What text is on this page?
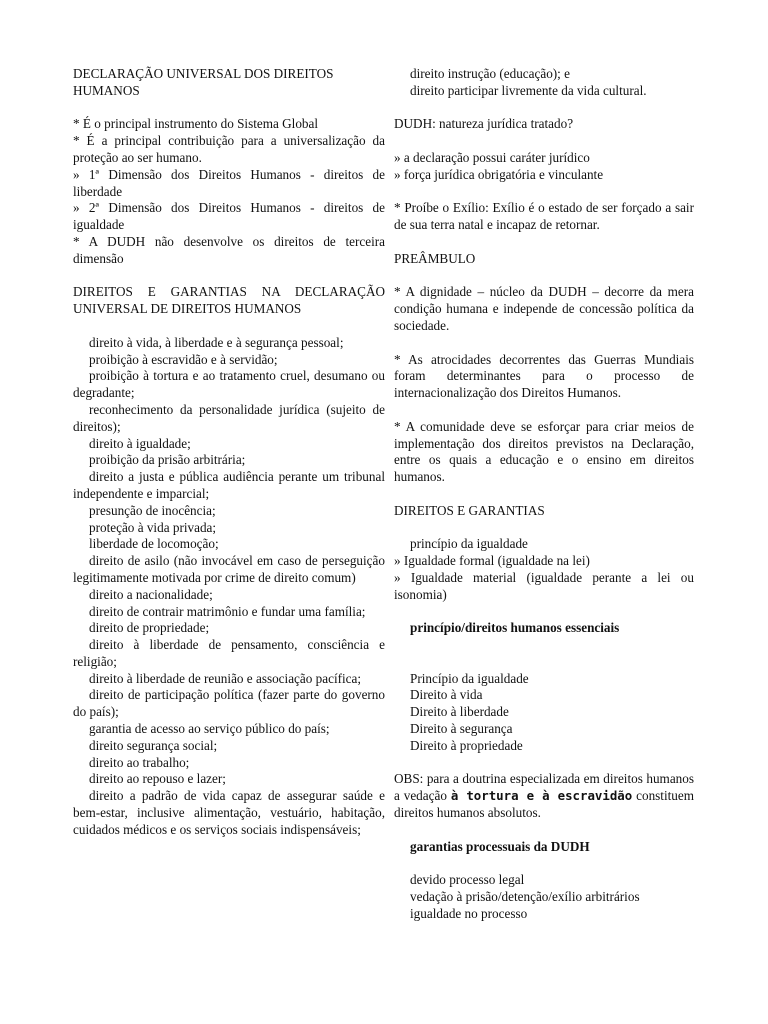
DECLARAÇÃO UNIVERSAL DOS DIREITOS HUMANOS

* É o principal instrumento do Sistema Global

* É a principal contribuição para a universalização da proteção ao ser humano.

» 1ª Dimensão dos Direitos Humanos - direitos de liberdade

» 2ª Dimensão dos Direitos Humanos - direitos de igualdade

* A DUDH não desenvolve os direitos de terceira dimensão

DIREITOS E GARANTIAS NA DECLARAÇÃO UNIVERSAL DE DIREITOS HUMANOS

direito à vida, à liberdade e à segurança pessoal;

proibição à escravidão e à servidão;

proibição à tortura e ao tratamento cruel, desumano ou degradante;

reconhecimento da personalidade jurídica (sujeito de direitos);

direito à igualdade;

proibição da prisão arbitrária;

direito a justa e pública audiência perante um tribunal independente e imparcial;

presunção de inocência;

proteção à vida privada;

liberdade de locomoção;

direito de asilo (não invocável em caso de perseguição legitimamente motivada por crime de direito comum)

direito a nacionalidade;

direito de contrair matrimônio e fundar uma família;

direito de propriedade;

direito à liberdade de pensamento, consciência e religião;

direito à liberdade de reunião e associação pacífica;

direito de participação política (fazer parte do governo do país);

garantia de acesso ao serviço público do país;

direito segurança social;

direito ao trabalho;

direito ao repouso e lazer;

direito a padrão de vida capaz de assegurar saúde e bem-estar, inclusive alimentação, vestuário, habitação, cuidados médicos e os serviços sociais indispensáveis;

direito instrução (educação); e

direito participar livremente da vida cultural.

DUDH: natureza jurídica tratado?

» a declaração possui caráter jurídico

» força jurídica obrigatória e vinculante

* Proíbe o Exílio: Exílio é o estado de ser forçado a sair de sua terra natal e incapaz de retornar.

PREÂMBULO

* A dignidade – núcleo da DUDH – decorre da mera condição humana e independe de concessão política da sociedade.

* As atrocidades decorrentes das Guerras Mundiais foram determinantes para o processo de internacionalização dos Direitos Humanos.

* A comunidade deve se esforçar para criar meios de implementação dos direitos previstos na Declaração, entre os quais a educação e o ensino em direitos humanos.

DIREITOS E GARANTIAS

princípio da igualdade

» Igualdade formal (igualdade na lei)

» Igualdade material (igualdade perante a lei ou isonomia)

princípio/direitos humanos essenciais

Princípio da igualdade

Direito à vida

Direito à liberdade

Direito à segurança

Direito à propriedade

OBS: para a doutrina especializada em direitos humanos a vedação à tortura e à escravidão constituem direitos humanos absolutos.

garantias processuais da DUDH

devido processo legal

vedação à prisão/detenção/exílio arbitrários

igualdade no processo
